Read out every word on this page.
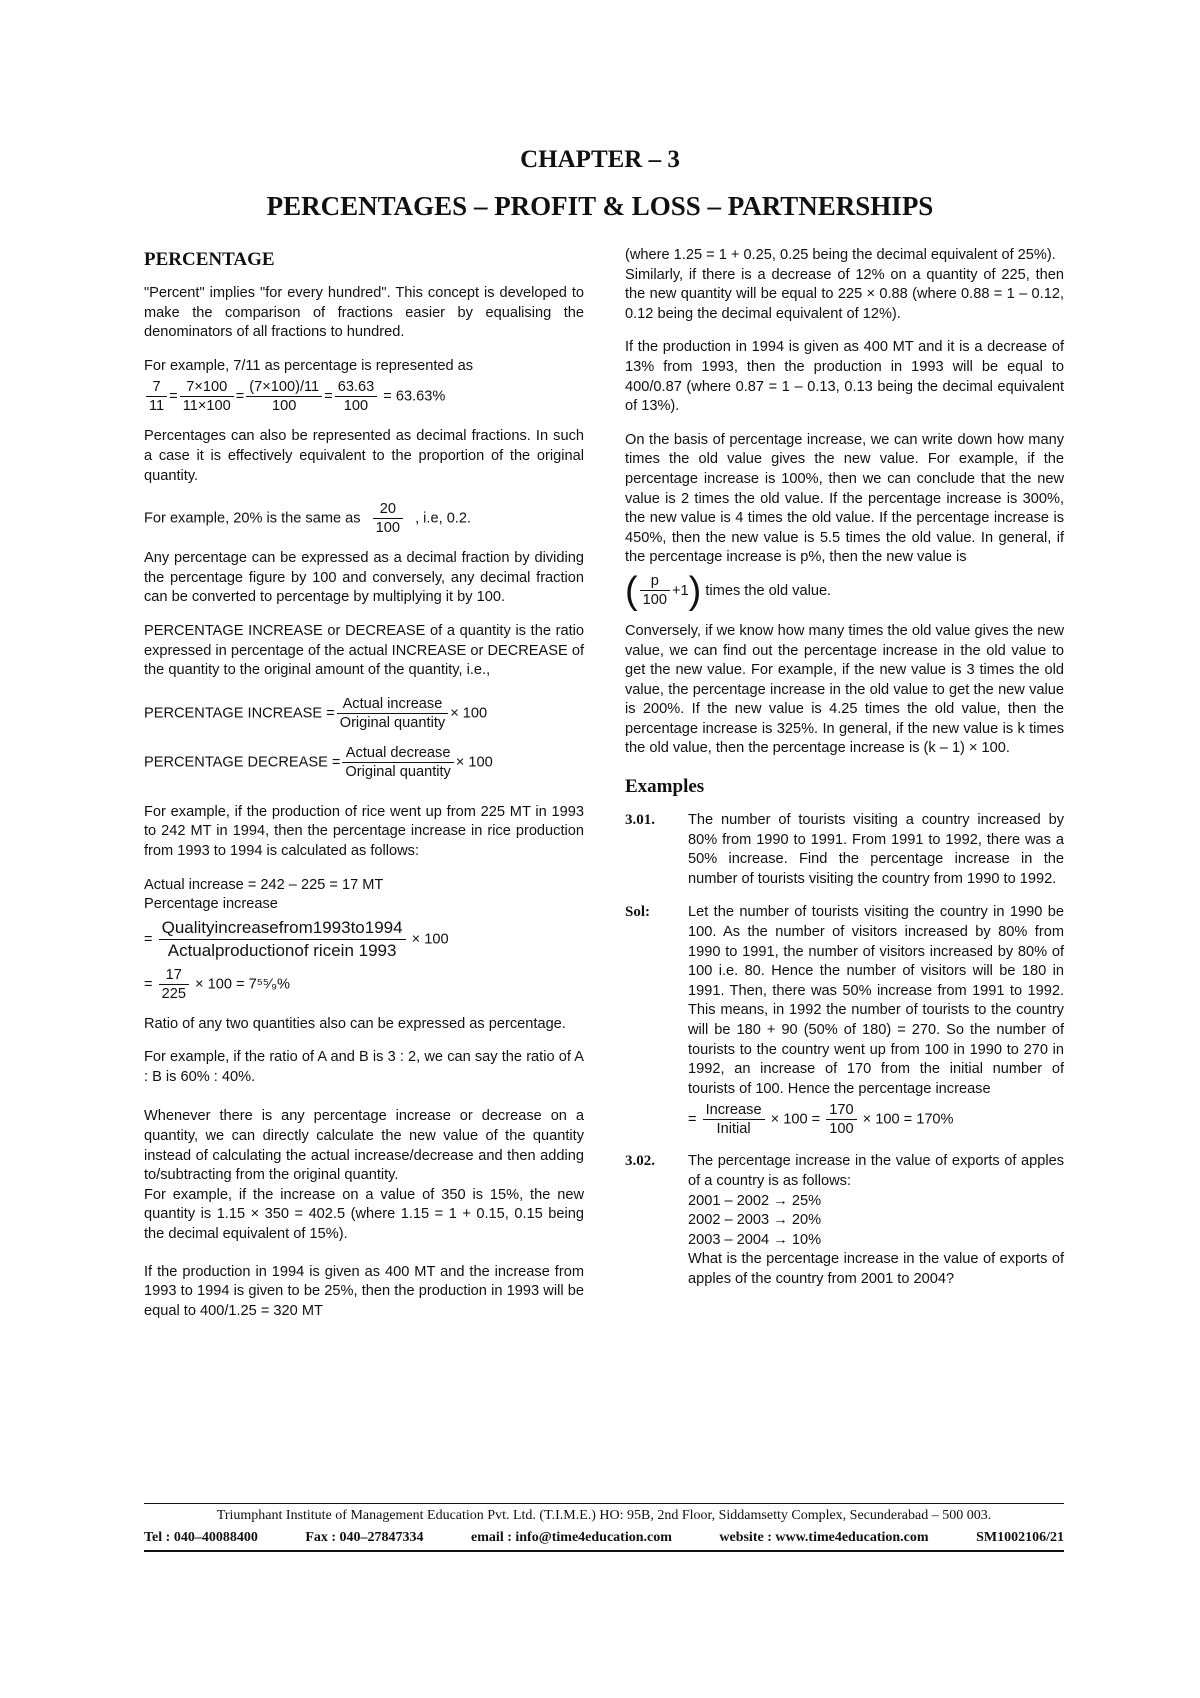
CHAPTER – 3
PERCENTAGES – PROFIT & LOSS – PARTNERSHIPS
PERCENTAGE

"Percent" implies "for every hundred". This concept is developed to make the comparison of fractions easier by equalising the denominators of all fractions to hundred.

For example, 7/11 as percentage is represented as

$\frac{7}{11} = \frac{7\times 100}{11\times 100} = \frac{(7\times 100)/11}{100} = \frac{63.63}{100} = 63.63\%$

Percentages can also be represented as decimal fractions. In such a case it is effectively equivalent to the proportion of the original quantity.

For example, 20% is the same as $\frac{20}{100}$ , i.e, 0.2.

Any percentage can be expressed as a decimal fraction by dividing the percentage figure by 100 and conversely, any decimal fraction can be converted to percentage by multiplying it by 100.

PERCENTAGE INCREASE or DECREASE of a quantity is the ratio expressed in percentage of the actual INCREASE or DECREASE of the quantity to the original amount of the quantity, i.e.,

PERCENTAGE INCREASE = $\frac{\text{Actual increase}}{\text{Original quantity}} \times 100$
PERCENTAGE DECREASE = $\frac{\text{Actual decrease}}{\text{Original quantity}} \times 100$

For example, if the production of rice went up from 225 MT in 1993 to 242 MT in 1994, then the percentage increase in rice production from 1993 to 1994 is calculated as follows:

Actual increase = 242 – 225 = 17 MT
Percentage increase
= $\frac{\text{Qualityincreasefrom1993to1994}}{\text{Actualproductionof ricein 1993}} \times 100$
= $\frac{17}{225} \times 100$ = 7⁵⁵⁄₉%

Ratio of any two quantities also can be expressed as percentage.

For example, if the ratio of A and B is 3 : 2, we can say the ratio of A : B is 60% : 40%.

Whenever there is any percentage increase or decrease on a quantity, we can directly calculate the new value of the quantity instead of calculating the actual increase/decrease and then adding to/subtracting from the original quantity.

For example, if the increase on a value of 350 is 15%, the new quantity is 1.15 × 350 = 402.5 (where 1.15 = 1 + 0.15, 0.15 being the decimal equivalent of 15%).

If the production in 1994 is given as 400 MT and the increase from 1993 to 1994 is given to be 25%, then the production in 1993 will be equal to 400/1.25 = 320 MT

(where 1.25 = 1 + 0.25, 0.25 being the decimal equivalent of 25%).

Similarly, if there is a decrease of 12% on a quantity of 225, then the new quantity will be equal to 225 × 0.88 (where 0.88 = 1 – 0.12, 0.12 being the decimal equivalent of 12%).

If the production in 1994 is given as 400 MT and it is a decrease of 13% from 1993, then the production in 1993 will be equal to 400/0.87 (where 0.87 = 1 – 0.13, 0.13 being the decimal equivalent of 13%).

On the basis of percentage increase, we can write down how many times the old value gives the new value. For example, if the percentage increase is 100%, then we can conclude that the new value is 2 times the old value. If the percentage increase is 300%, the new value is 4 times the old value. If the percentage increase is 450%, then the new value is 5.5 times the old value. In general, if the percentage increase is p%, then the new value is

( $\frac{p}{100} +1$) times the old value.

Conversely, if we know how many times the old value gives the new value, we can find out the percentage increase in the old value to get the new value. For example, if the new value is 3 times the old value, the percentage increase in the old value to get the new value is 200%. If the new value is 4.25 times the old value, then the percentage increase is 325%. In general, if the new value is k times the old value, then the percentage increase is (k – 1) × 100.

Examples
3.01. The number of tourists visiting a country increased by 80% from 1990 to 1991. From 1991 to 1992, there was a 50% increase. Find the percentage increase in the number of tourists visiting the country from 1990 to 1992.
Sol:	Let the number of tourists visiting the country in 1990 be 100. As the number of visitors increased by 80% from 1990 to 1991, the number of visitors increased by 80% of 100 i.e. 80. Hence the number of visitors will be 180 in 1991. Then, there was 50% increase from 1991 to 1992. This means, in 1992 the number of tourists to the country will be 180 + 90 (50% of 180) = 270. So the number of tourists to the country went up from 100 in 1990 to 270 in 1992, an increase of 170 from the initial number of tourists of 100. Hence the percentage increase
= $\frac{\text{Increase}}{\text{Initial}} \times 100 = \frac{170}{100} \times 100 = 170\%$
3.02. The percentage increase in the value of exports of apples of a country is as follows:
2001 – 2002 → 25%
2002 – 2003 → 20%
2003 – 2004 → 10%
What is the percentage increase in the value of exports of apples of the country from 2001 to 2004?
Triumphant Institute of Management Education Pvt. Ltd. (T.I.M.E.) HO: 95B, 2nd Floor, Siddamsetty Complex, Secunderabad – 500 003.
Tel : 040–40088400	Fax : 040–27847334	email : info@time4education.com	website : www.time4education.com	SM1002106/21
